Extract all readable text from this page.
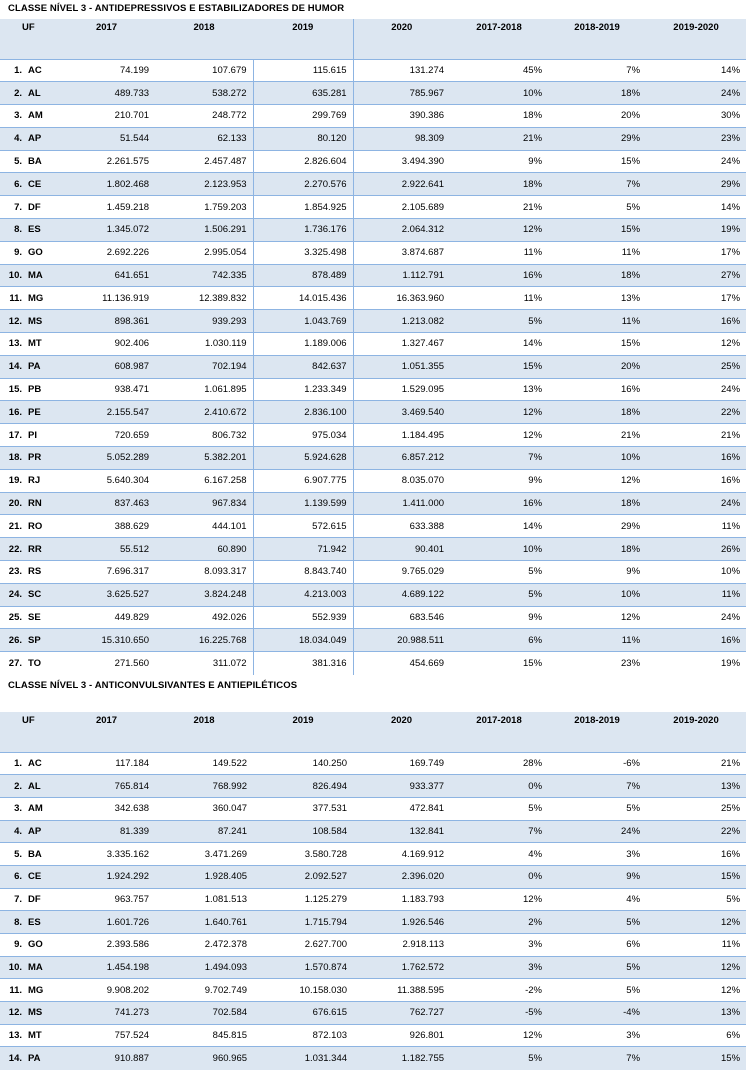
CLASSE NÍVEL 3 - ANTIDEPRESSIVOS E ESTABILIZADORES DE HUMOR
UF		2017	2018	2019	2020	2017-2018	2018-2019	2019-2020
1.	AC	74.199	107.679	115.615	131.274	45%	7%	14%
2.	AL	489.733	538.272	635.281	785.967	10%	18%	24%
3.	AM	210.701	248.772	299.769	390.386	18%	20%	30%
4.	AP	51.544	62.133	80.120	98.309	21%	29%	23%
5.	BA	2.261.575	2.457.487	2.826.604	3.494.390	9%	15%	24%
6.	CE	1.802.468	2.123.953	2.270.576	2.922.641	18%	7%	29%
7.	DF	1.459.218	1.759.203	1.854.925	2.105.689	21%	5%	14%
8.	ES	1.345.072	1.506.291	1.736.176	2.064.312	12%	15%	19%
9.	GO	2.692.226	2.995.054	3.325.498	3.874.687	11%	11%	17%
10.	MA	641.651	742.335	878.489	1.112.791	16%	18%	27%
11.	MG	11.136.919	12.389.832	14.015.436	16.363.960	11%	13%	17%
12.	MS	898.361	939.293	1.043.769	1.213.082	5%	11%	16%
13.	MT	902.406	1.030.119	1.189.006	1.327.467	14%	15%	12%
14.	PA	608.987	702.194	842.637	1.051.355	15%	20%	25%
15.	PB	938.471	1.061.895	1.233.349	1.529.095	13%	16%	24%
16.	PE	2.155.547	2.410.672	2.836.100	3.469.540	12%	18%	22%
17.	PI	720.659	806.732	975.034	1.184.495	12%	21%	21%
18.	PR	5.052.289	5.382.201	5.924.628	6.857.212	7%	10%	16%
19.	RJ	5.640.304	6.167.258	6.907.775	8.035.070	9%	12%	16%
20.	RN	837.463	967.834	1.139.599	1.411.000	16%	18%	24%
21.	RO	388.629	444.101	572.615	633.388	14%	29%	11%
22.	RR	55.512	60.890	71.942	90.401	10%	18%	26%
23.	RS	7.696.317	8.093.317	8.843.740	9.765.029	5%	9%	10%
24.	SC	3.625.527	3.824.248	4.213.003	4.689.122	5%	10%	11%
25.	SE	449.829	492.026	552.939	683.546	9%	12%	24%
26.	SP	15.310.650	16.225.768	18.034.049	20.988.511	6%	11%	16%
27.	TO	271.560	311.072	381.316	454.669	15%	23%	19%
CLASSE NÍVEL 3 - ANTICONVULSIVANTES E ANTIEPILÉTICOS
UF		2017	2018	2019	2020	2017-2018	2018-2019	2019-2020
1.	AC	117.184	149.522	140.250	169.749	28%	-6%	21%
2.	AL	765.814	768.992	826.494	933.377	0%	7%	13%
3.	AM	342.638	360.047	377.531	472.841	5%	5%	25%
4.	AP	81.339	87.241	108.584	132.841	7%	24%	22%
5.	BA	3.335.162	3.471.269	3.580.728	4.169.912	4%	3%	16%
6.	CE	1.924.292	1.928.405	2.092.527	2.396.020	0%	9%	15%
7.	DF	963.757	1.081.513	1.125.279	1.183.793	12%	4%	5%
8.	ES	1.601.726	1.640.761	1.715.794	1.926.546	2%	5%	12%
9.	GO	2.393.586	2.472.378	2.627.700	2.918.113	3%	6%	11%
10.	MA	1.454.198	1.494.093	1.570.874	1.762.572	3%	5%	12%
11.	MG	9.908.202	9.702.749	10.158.030	11.388.595	-2%	5%	12%
12.	MS	741.273	702.584	676.615	762.727	-5%	-4%	13%
13.	MT	757.524	845.815	872.103	926.801	12%	3%	6%
14.	PA	910.887	960.965	1.031.344	1.182.755	5%	7%	15%
